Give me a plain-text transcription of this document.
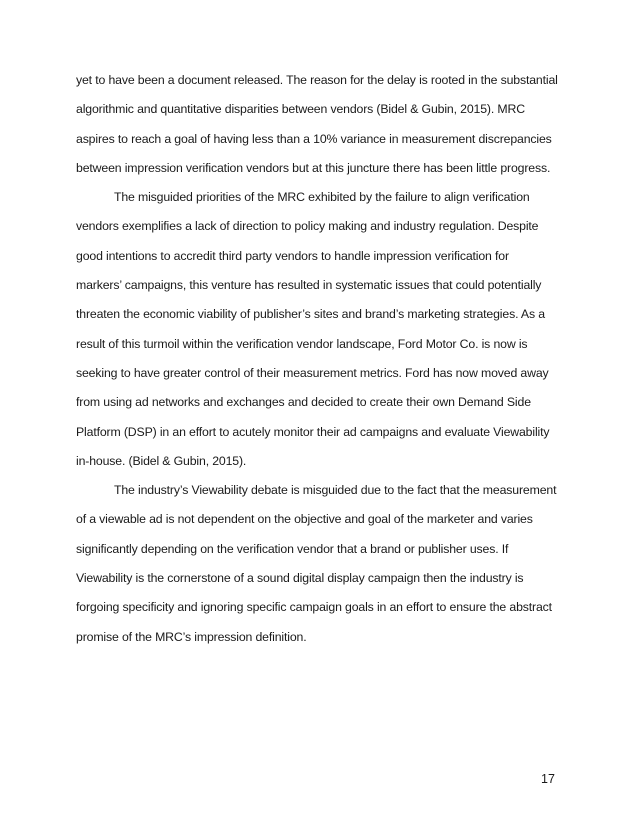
yet to have been a document released. The reason for the delay is rooted in the substantial
algorithmic and quantitative disparities between vendors (Bidel & Gubin, 2015). MRC
aspires to reach a goal of having less than a 10% variance in measurement discrepancies
between impression verification vendors but at this juncture there has been little progress.
The misguided priorities of the MRC exhibited by the failure to align verification
vendors exemplifies a lack of direction to policy making and industry regulation. Despite
good intentions to accredit third party vendors to handle impression verification for
markers’ campaigns, this venture has resulted in systematic issues that could potentially
threaten the economic viability of publisher’s sites and brand’s marketing strategies. As a
result of this turmoil within the verification vendor landscape, Ford Motor Co. is now is
seeking to have greater control of their measurement metrics. Ford has now moved away
from using ad networks and exchanges and decided to create their own Demand Side
Platform (DSP) in an effort to acutely monitor their ad campaigns and evaluate Viewability
in-house. (Bidel & Gubin, 2015).
The industry’s Viewability debate is misguided due to the fact that the measurement
of a viewable ad is not dependent on the objective and goal of the marketer and varies
significantly depending on the verification vendor that a brand or publisher uses. If
Viewability is the cornerstone of a sound digital display campaign then the industry is
forgoing specificity and ignoring specific campaign goals in an effort to ensure the abstract
promise of the MRC’s impression definition.
17
